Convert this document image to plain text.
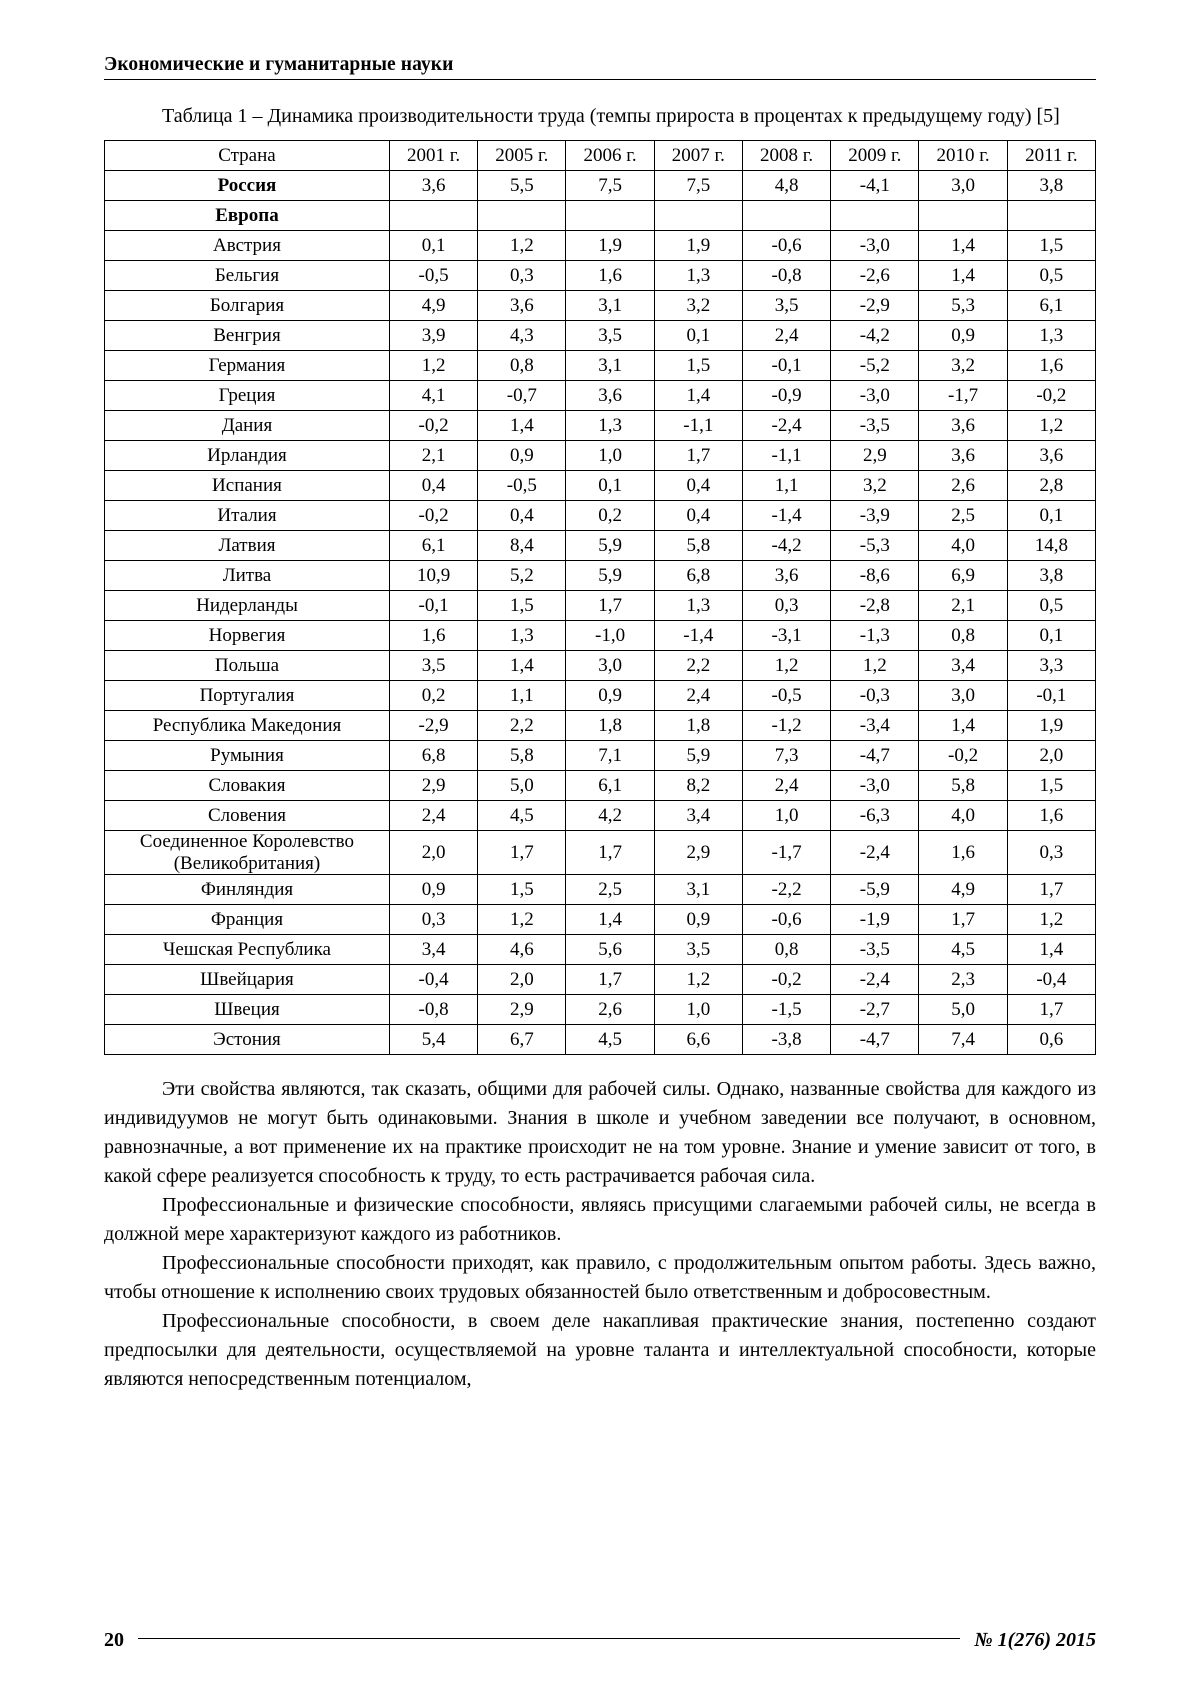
Экономические и гуманитарные науки
Таблица 1 – Динамика производительности труда (темпы прироста в процентах к предыдущему году) [5]
Страна	2001 г.	2005 г.	2006 г.	2007 г.	2008 г.	2009 г.	2010 г.	2011 г.
Россия	3,6	5,5	7,5	7,5	4,8	-4,1	3,0	3,8
Европа								
Австрия	0,1	1,2	1,9	1,9	-0,6	-3,0	1,4	1,5
Бельгия	-0,5	0,3	1,6	1,3	-0,8	-2,6	1,4	0,5
Болгария	4,9	3,6	3,1	3,2	3,5	-2,9	5,3	6,1
Венгрия	3,9	4,3	3,5	0,1	2,4	-4,2	0,9	1,3
Германия	1,2	0,8	3,1	1,5	-0,1	-5,2	3,2	1,6
Греция	4,1	-0,7	3,6	1,4	-0,9	-3,0	-1,7	-0,2
Дания	-0,2	1,4	1,3	-1,1	-2,4	-3,5	3,6	1,2
Ирландия	2,1	0,9	1,0	1,7	-1,1	2,9	3,6	3,6
Испания	0,4	-0,5	0,1	0,4	1,1	3,2	2,6	2,8
Италия	-0,2	0,4	0,2	0,4	-1,4	-3,9	2,5	0,1
Латвия	6,1	8,4	5,9	5,8	-4,2	-5,3	4,0	14,8
Литва	10,9	5,2	5,9	6,8	3,6	-8,6	6,9	3,8
Нидерланды	-0,1	1,5	1,7	1,3	0,3	-2,8	2,1	0,5
Норвегия	1,6	1,3	-1,0	-1,4	-3,1	-1,3	0,8	0,1
Польша	3,5	1,4	3,0	2,2	1,2	1,2	3,4	3,3
Португалия	0,2	1,1	0,9	2,4	-0,5	-0,3	3,0	-0,1
Республика Македония	-2,9	2,2	1,8	1,8	-1,2	-3,4	1,4	1,9
Румыния	6,8	5,8	7,1	5,9	7,3	-4,7	-0,2	2,0
Словакия	2,9	5,0	6,1	8,2	2,4	-3,0	5,8	1,5
Словения	2,4	4,5	4,2	3,4	1,0	-6,3	4,0	1,6
Соединенное Королевство (Великобритания)	2,0	1,7	1,7	2,9	-1,7	-2,4	1,6	0,3
Финляндия	0,9	1,5	2,5	3,1	-2,2	-5,9	4,9	1,7
Франция	0,3	1,2	1,4	0,9	-0,6	-1,9	1,7	1,2
Чешская Республика	3,4	4,6	5,6	3,5	0,8	-3,5	4,5	1,4
Швейцария	-0,4	2,0	1,7	1,2	-0,2	-2,4	2,3	-0,4
Швеция	-0,8	2,9	2,6	1,0	-1,5	-2,7	5,0	1,7
Эстония	5,4	6,7	4,5	6,6	-3,8	-4,7	7,4	0,6

Эти свойства являются, так сказать, общими для рабочей силы. Однако, названные свойства для каждого из индивидуумов не могут быть одинаковыми. Знания в школе и учебном заведении все получают, в основном, равнозначные, а вот применение их на практике происходит не на том уровне. Знание и умение зависит от того, в какой сфере реализуется способность к труду, то есть растрачивается рабочая сила.

Профессиональные и физические способности, являясь присущими слагаемыми рабочей силы, не всегда в должной мере характеризуют каждого из работников.

Профессиональные способности приходят, как правило, с продолжительным опытом работы. Здесь важно, чтобы отношение к исполнению своих трудовых обязанностей было ответственным и добросовестным.

Профессиональные способности, в своем деле накапливая практические знания, постепенно создают предпосылки для деятельности, осуществляемой на уровне таланта и интеллектуальной способности, которые являются непосредственным потенциалом,

20	№ 1(276) 2015
